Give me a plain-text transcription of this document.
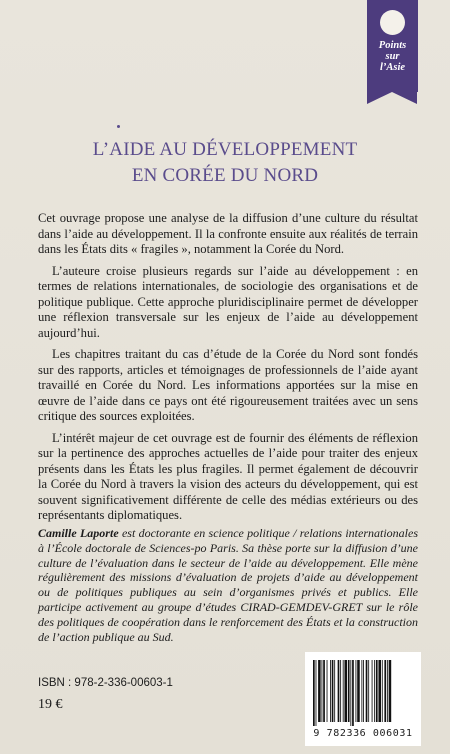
Points
sur
l’Asie
L’AIDE AU DÉVELOPPEMENT
EN CORÉE DU NORD

Cet ouvrage propose une analyse de la diffusion d’une culture du résultat dans l’aide au développement. Il la confronte ensuite aux réalités de terrain dans les États dits « fragiles », notamment la Corée du Nord.

L’auteure croise plusieurs regards sur l’aide au développement : en termes de relations internationales, de sociologie des organisations et de politique publique. Cette approche pluridisciplinaire permet de développer une réflexion transversale sur les enjeux de l’aide au développement aujourd’hui.

Les chapitres traitant du cas d’étude de la Corée du Nord sont fondés sur des rapports, articles et témoignages de professionnels de l’aide ayant travaillé en Corée du Nord. Les informations apportées sur la mise en œuvre de l’aide dans ce pays ont été rigoureusement traitées avec un sens critique des sources exploitées.

L’intérêt majeur de cet ouvrage est de fournir des éléments de réflexion sur la pertinence des approches actuelles de l’aide pour traiter des enjeux présents dans les États les plus fragiles. Il permet également de découvrir la Corée du Nord à travers la vision des acteurs du développement, qui est souvent significativement différente de celle des médias extérieurs ou des représentants diplomatiques.

Camille Laporte est doctorante en science politique / relations internationales à l’École doctorale de Sciences-po Paris. Sa thèse porte sur la diffusion d’une culture de l’évaluation dans le secteur de l’aide au développement. Elle mène régulièrement des missions d’évaluation de projets d’aide au développement ou de politiques publiques au sein d’organismes privés et publics. Elle participe activement au groupe d’études CIRAD-GEMDEV-GRET sur le rôle des politiques de coopération dans le renforcement des États et la construction de l’action publique au Sud.
ISBN : 978-2-336-00603-1
19 €
9 782336 006031
